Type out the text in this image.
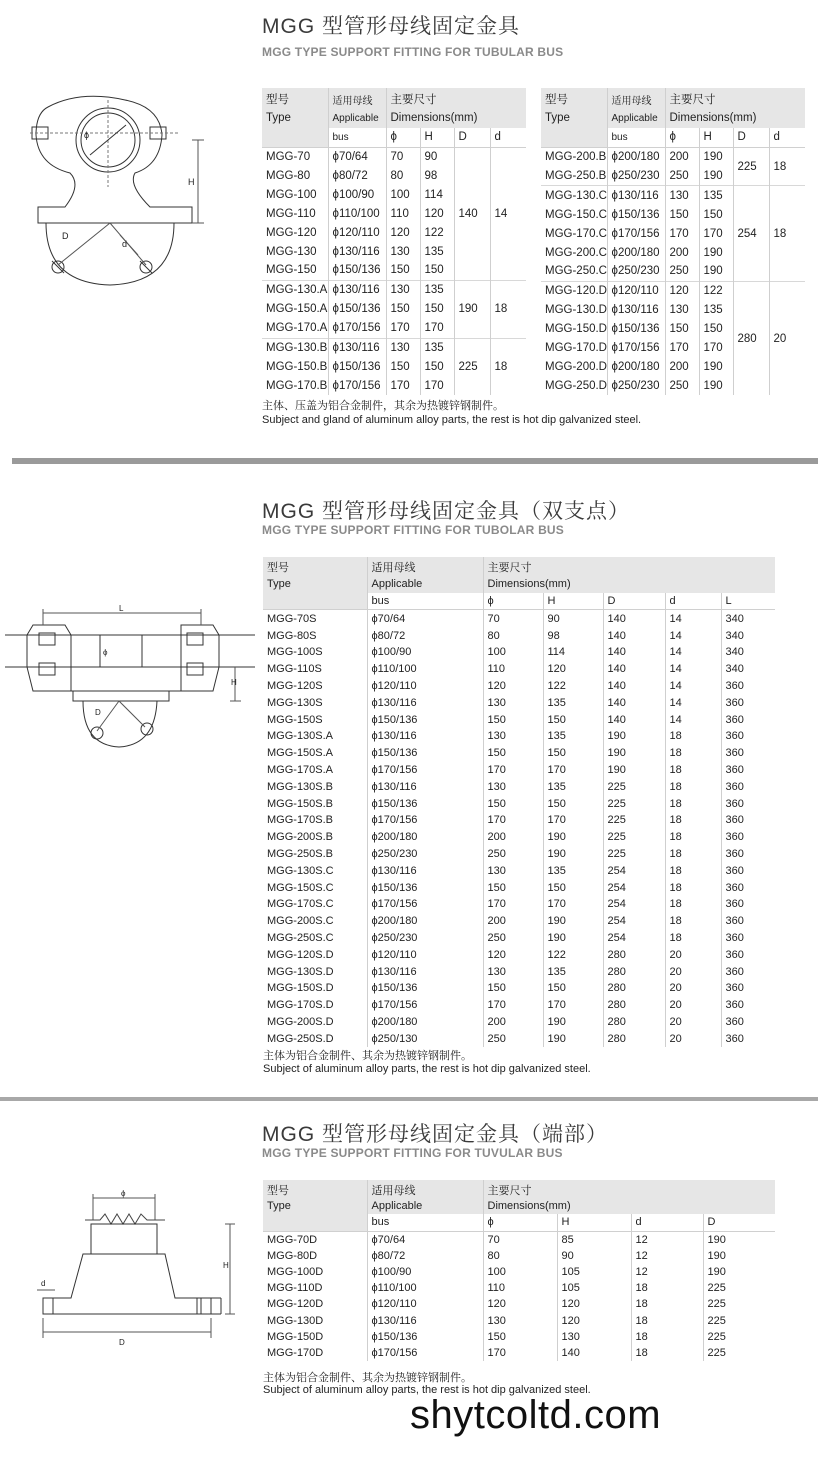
MGG 型管形母线固定金具
MGG TYPE SUPPORT FITTING FOR TUBULAR BUS
ϕ
H
D
d
型号	适用母线	主要尺寸			
Type	Applicable	Dimensions(mm)			
	bus	ϕ	H	D	d
MGG-70	ϕ70/64	70	90	140	14
MGG-80	ϕ80/72	80	98		
MGG-100	ϕ100/90	100	114		
MGG-110	ϕ110/100	110	120		
MGG-120	ϕ120/110	120	122		
MGG-130	ϕ130/116	130	135		
MGG-150	ϕ150/136	150	150		
MGG-130.A	ϕ130/116	130	135	190	18
MGG-150.A	ϕ150/136	150	150		
MGG-170.A	ϕ170/156	170	170		
MGG-130.B	ϕ130/116	130	135	225	18
MGG-150.B	ϕ150/136	150	150		
MGG-170.B	ϕ170/156	170	170		
型号	适用母线	主要尺寸			
Type	Applicable	Dimensions(mm)			
	bus	ϕ	H	D	d
MGG-200.B	ϕ200/180	200	190	225	18
MGG-250.B	ϕ250/230	250	190		
MGG-130.C	ϕ130/116	130	135	254	18
MGG-150.C	ϕ150/136	150	150		
MGG-170.C	ϕ170/156	170	170		
MGG-200.C	ϕ200/180	200	190		
MGG-250.C	ϕ250/230	250	190		
MGG-120.D	ϕ120/110	120	122	280	20
MGG-130.D	ϕ130/116	130	135		
MGG-150.D	ϕ150/136	150	150		
MGG-170.D	ϕ170/156	170	170		
MGG-200.D	ϕ200/180	200	190		
MGG-250.D	ϕ250/230	250	190		
主体、压盖为铝合金制件，其余为热镀锌钢制件。
Subject and gland of aluminum alloy parts, the rest is hot dip galvanized steel.
MGG 型管形母线固定金具（双支点）
MGG TYPE SUPPORT FITTING FOR TUBOLAR BUS
L
H
D
ϕ
型号	适用母线	主要尺寸				
Type	Applicable	Dimensions(mm)				
	bus	ϕ	H	D	d	L
MGG-70S	ϕ70/64	70	90	140	14	340
MGG-80S	ϕ80/72	80	98	140	14	340
MGG-100S	ϕ100/90	100	114	140	14	340
MGG-110S	ϕ110/100	110	120	140	14	340
MGG-120S	ϕ120/110	120	122	140	14	360
MGG-130S	ϕ130/116	130	135	140	14	360
MGG-150S	ϕ150/136	150	150	140	14	360
MGG-130S.A	ϕ130/116	130	135	190	18	360
MGG-150S.A	ϕ150/136	150	150	190	18	360
MGG-170S.A	ϕ170/156	170	170	190	18	360
MGG-130S.B	ϕ130/116	130	135	225	18	360
MGG-150S.B	ϕ150/136	150	150	225	18	360
MGG-170S.B	ϕ170/156	170	170	225	18	360
MGG-200S.B	ϕ200/180	200	190	225	18	360
MGG-250S.B	ϕ250/230	250	190	225	18	360
MGG-130S.C	ϕ130/116	130	135	254	18	360
MGG-150S.C	ϕ150/136	150	150	254	18	360
MGG-170S.C	ϕ170/156	170	170	254	18	360
MGG-200S.C	ϕ200/180	200	190	254	18	360
MGG-250S.C	ϕ250/230	250	190	254	18	360
MGG-120S.D	ϕ120/110	120	122	280	20	360
MGG-130S.D	ϕ130/116	130	135	280	20	360
MGG-150S.D	ϕ150/136	150	150	280	20	360
MGG-170S.D	ϕ170/156	170	170	280	20	360
MGG-200S.D	ϕ200/180	200	190	280	20	360
MGG-250S.D	ϕ250/130	250	190	280	20	360
主体为铝合金制件、其余为热镀锌钢制件。
Subject of aluminum alloy parts, the rest is hot dip galvanized steel.
MGG 型管形母线固定金具（端部）
MGG TYPE SUPPORT FITTING FOR TUVULAR BUS
ϕ
H
D
d
型号	适用母线	主要尺寸			
Type	Applicable	Dimensions(mm)			
	bus	ϕ	H	d	D
MGG-70D	ϕ70/64	70	85	12	190
MGG-80D	ϕ80/72	80	90	12	190
MGG-100D	ϕ100/90	100	105	12	190
MGG-110D	ϕ110/100	110	105	18	225
MGG-120D	ϕ120/110	120	120	18	225
MGG-130D	ϕ130/116	130	120	18	225
MGG-150D	ϕ150/136	150	130	18	225
MGG-170D	ϕ170/156	170	140	18	225
主体为铝合金制件、其余为热镀锌钢制件。
Subject of aluminum alloy parts, the rest is hot dip galvanized steel.
shytcoltd.com
